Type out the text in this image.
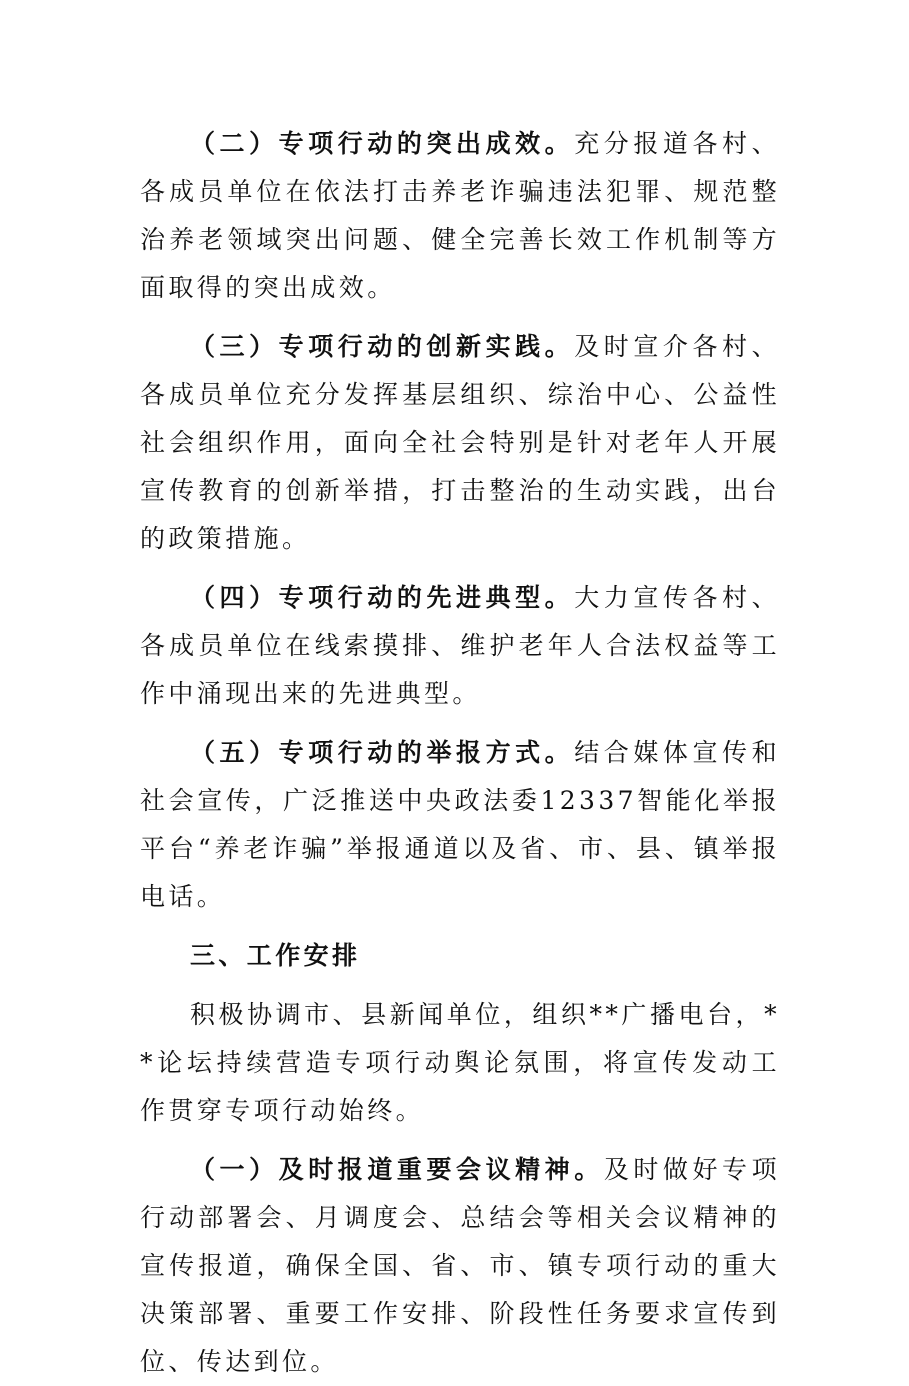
（二）专项行动的突出成效。充分报道各村、各成员单位在依法打击养老诈骗违法犯罪、规范整治养老领域突出问题、健全完善长效工作机制等方面取得的突出成效。

（三）专项行动的创新实践。及时宣介各村、各成员单位充分发挥基层组织、综治中心、公益性社会组织作用，面向全社会特别是针对老年人开展宣传教育的创新举措，打击整治的生动实践，出台的政策措施。

（四）专项行动的先进典型。大力宣传各村、各成员单位在线索摸排、维护老年人合法权益等工作中涌现出来的先进典型。

（五）专项行动的举报方式。结合媒体宣传和社会宣传，广泛推送中央政法委12337智能化举报平台“养老诈骗”举报通道以及省、市、县、镇举报电话。

三、工作安排

积极协调市、县新闻单位，组织**广播电台，**论坛持续营造专项行动舆论氛围，将宣传发动工作贯穿专项行动始终。

（一）及时报道重要会议精神。及时做好专项行动部署会、月调度会、总结会等相关会议精神的宣传报道，确保全国、省、市、镇专项行动的重大决策部署、重要工作安排、阶段性任务要求宣传到位、传达到位。
